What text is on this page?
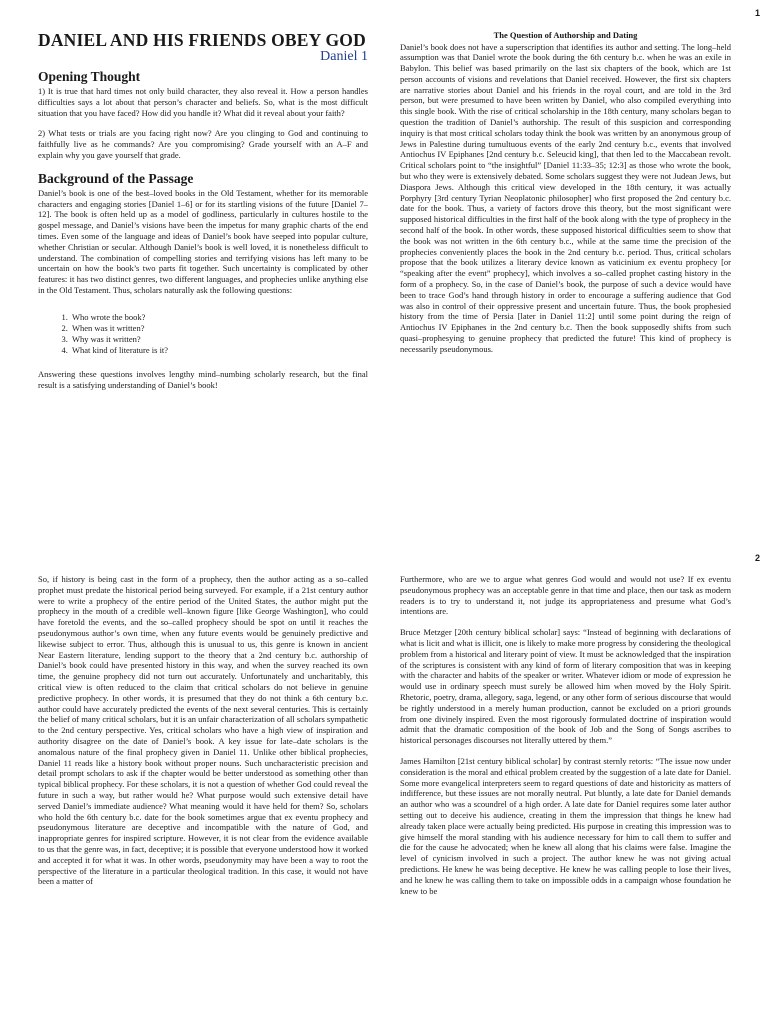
1
DANIEL AND HIS FRIENDS OBEY GOD
Daniel 1
Opening Thought

1) It is true that hard times not only build character, they also reveal it. How a person handles difficulties says a lot about that person’s character and beliefs. So, what is the most difficult situation that you have faced? How did you handle it? What did it reveal about your faith?

2) What tests or trials are you facing right now? Are you clinging to God and continuing to faithfully live as he commands? Are you compromising? Grade yourself with an A–F and explain why you gave yourself that grade.

Background of the Passage

Daniel’s book is one of the best–loved books in the Old Testament, whether for its memorable characters and engaging stories [Daniel 1–6] or for its startling visions of the future [Daniel 7–12]. The book is often held up as a model of godliness, particularly in cultures hostile to the gospel message, and Daniel’s visions have been the impetus for many graphic charts of the end times. Even some of the language and ideas of Daniel’s book have seeped into popular culture, whether Christian or secular. Although Daniel’s book is well loved, it is nonetheless difficult to understand. The combination of compelling stories and terrifying visions has left many to be uncertain on how the book’s two parts fit together. Such uncertainty is complicated by other features: it has two distinct genres, two different languages, and prophecies unlike anything else in the Old Testament. Thus, scholars naturally ask the following questions:

1. Who wrote the book?
2. When was it written?
3. Why was it written?
4. What kind of literature is it?

Answering these questions involves lengthy mind–numbing scholarly research, but the final result is a satisfying understanding of Daniel’s book!

The Question of Authorship and Dating

Daniel’s book does not have a superscription that identifies its author and setting. The long–held assumption was that Daniel wrote the book during the 6th century b.c. when he was an exile in Babylon. This belief was based primarily on the last six chapters of the book, which are 1st person accounts of visions and revelations that Daniel received. However, the first six chapters are narrative stories about Daniel and his friends in the royal court, and are told in the 3rd person, but were presumed to have been written by Daniel, who also compiled everything into this single book. With the rise of critical scholarship in the 18th century, many scholars began to question the tradition of Daniel’s authorship. The result of this suspicion and corresponding inquiry is that most critical scholars today think the book was written by an anonymous group of Jews in Palestine during tumultuous events of the early 2nd century b.c., events that involved Antiochus IV Epiphanes [2nd century b.c. Seleucid king], that then led to the Maccabean revolt. Critical scholars point to “the insightful” [Daniel 11:33–35; 12:3] as those who wrote the book, but who they were is extensively debated. Some scholars suggest they were not Judean Jews, but Diaspora Jews. Although this critical view developed in the 18th century, it was actually Porphyry [3rd century Tyrian Neoplatonic philosopher] who first proposed the 2nd century b.c. date for the book. Thus, a variety of factors drove this theory, but the most significant were supposed historical difficulties in the first half of the book along with the type of prophecy in the second half of the book. In other words, these supposed historical difficulties seem to show that the book was not written in the 6th century b.c., while at the same time the precision of the prophecies conveniently places the book in the 2nd century b.c. period. Thus, critical scholars propose that the book utilizes a literary device known as vaticinium ex eventu prophecy [or “speaking after the event” prophecy], which involves a so–called prophet casting history in the form of a prophecy. So, in the case of Daniel’s book, the purpose of such a device would have been to trace God’s hand through history in order to encourage a suffering audience that God was also in control of their oppressive present and uncertain future. Thus, the book prophesied history from the time of Persia [later in Daniel 11:2] until some point during the reign of Antiochus IV Epiphanes in the 2nd century b.c. Then the book supposedly shifts from such quasi–prophesying to genuine prophecy that predicted the future! This kind of prophecy is necessarily pseudonymous.

2

So, if history is being cast in the form of a prophecy, then the author acting as a so–called prophet must predate the historical period being surveyed. For example, if a 21st century author were to write a prophecy of the entire period of the United States, the author might put the prophecy in the mouth of a credible well–known figure [like George Washington], who could have foretold the events, and the so–called prophecy should be spot on until it reaches the pseudonymous author’s own time, when any future events would be genuinely predictive and likewise subject to error. Thus, although this is unusual to us, this genre is known in ancient Near Eastern literature, lending support to the theory that a 2nd century b.c. authorship of Daniel’s book could have presented history in this way, and when the survey reached its own time, the genuine prophecy did not turn out accurately. Unfortunately and uncharitably, this critical view is often reduced to the claim that critical scholars do not believe in genuine predictive prophecy. In other words, it is presumed that they do not think a 6th century b.c. author could have accurately predicted the events of the next several centuries. This is certainly the belief of many critical scholars, but it is an unfair characterization of all scholars sympathetic to the 2nd century perspective. Yes, critical scholars who have a high view of inspiration and authority disagree on the date of Daniel’s book. A key issue for late–date scholars is the anomalous nature of the final prophecy given in Daniel 11. Unlike other biblical prophecies, Daniel 11 reads like a history book without proper nouns. Such uncharacteristic precision and detail prompt scholars to ask if the chapter would be better understood as something other than typical biblical prophecy. For these scholars, it is not a question of whether God could reveal the future in such a way, but rather would he? What purpose would such extensive detail have served Daniel’s immediate audience? What meaning would it have held for them? So, scholars who hold the 6th century b.c. date for the book sometimes argue that ex eventu prophecy and pseudonymous literature are deceptive and incompatible with the nature of God, and inappropriate genres for inspired scripture. However, it is not clear from the evidence available to us that the genre was, in fact, deceptive; it is possible that everyone understood how it worked and accepted it for what it was. In other words, pseudonymity may have been a way to root the perspective of the literature in a particular theological tradition. In this case, it would not have been a matter of

Furthermore, who are we to argue what genres God would and would not use? If ex eventu pseudonymous prophecy was an acceptable genre in that time and place, then our task as modern readers is to try to understand it, not judge its appropriateness and presume what God’s intentions are.

Bruce Metzger [20th century biblical scholar] says: “Instead of beginning with declarations of what is licit and what is illicit, one is likely to make more progress by considering the theological problem from a historical and literary point of view. It must be acknowledged that the inspiration of the scriptures is consistent with any kind of form of literary composition that was in keeping with the character and habits of the speaker or writer. Whatever idiom or mode of expression he would use in ordinary speech must surely be allowed him when moved by the Holy Spirit. Rhetoric, poetry, drama, allegory, saga, legend, or any other form of serious discourse that would be rightly understood in a merely human production, cannot be excluded on a priori grounds from one divinely inspired. Even the most rigorously formulated doctrine of inspiration would admit that the dramatic composition of the book of Job and the Song of Songs ascribes to historical personages discourses not literally uttered by them.”

James Hamilton [21st century biblical scholar] by contrast sternly retorts: “The issue now under consideration is the moral and ethical problem created by the suggestion of a late date for Daniel. Some more evangelical interpreters seem to regard questions of date and historicity as matters of indifference, but these issues are not morally neutral. Put bluntly, a late date for Daniel demands an author who was a scoundrel of a high order. A late date for Daniel requires some later author setting out to deceive his audience, creating in them the impression that things he knew had already taken place were actually being predicted. His purpose in creating this impression was to give himself the moral standing with his audience necessary for him to call them to suffer and die for the cause he advocated; when he knew all along that his claims were false. Imagine the level of cynicism involved in such a project. The author knew he was not giving actual predictions. He knew he was being deceptive. He knew he was calling people to lose their lives, and he knew he was calling them to take on impossible odds in a campaign whose foundation he knew to be
